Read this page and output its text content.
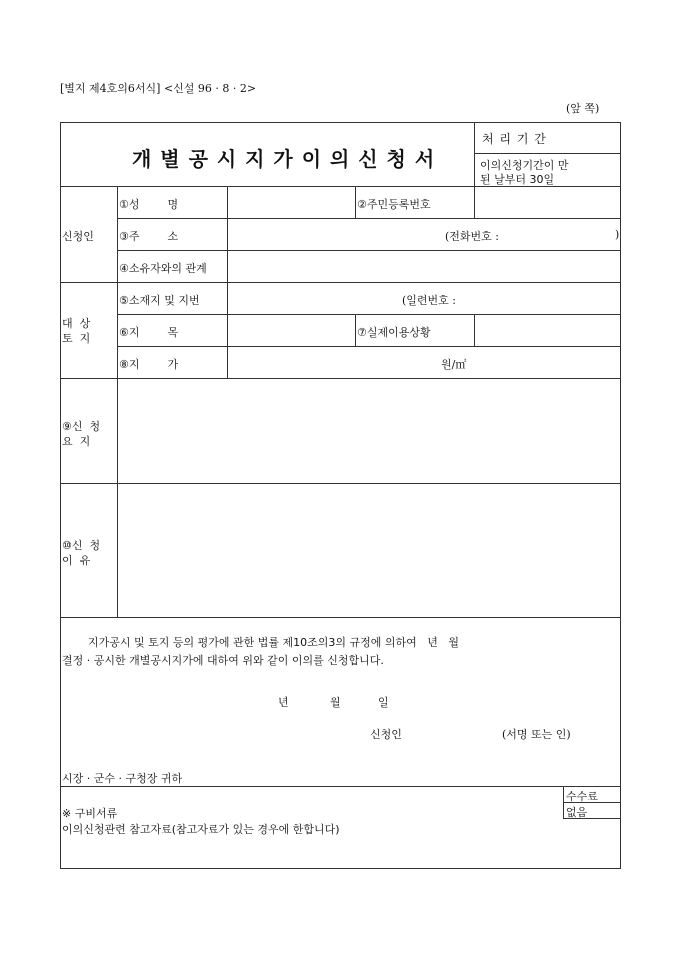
[별지 제4호의6서식] <신설 96 · 8 · 2>
(앞 쪽)
개 별 공 시 지 가 이 의 신 청 서
처 리 기 간
이의신청기간이 만
된 날부터 30일
신청인
①성        명	②주민등록번호
③주        소	(전화번호 :	)
④소유자와의 관계
대  상
토  지
⑤소재지 및 지번	(일련번호 :
⑥지        목	⑦실제이용상황
⑧지        가	원/㎡
⑨신  청
요  지
⑩신  청
이  유
지가공시 및 토지 등의 평가에 관한 법률 제10조의3의 규정에 의하여   년   월
결정 · 공시한 개별공시지가에 대하여 위와 같이 이의를 신청합니다.
년	월	일
신청인	(서명 또는 인)
시장 · 군수 · 구청장 귀하
※ 구비서류
이의신청관련 참고자료(참고자료가 있는 경우에 한합니다)
수수료
없음
